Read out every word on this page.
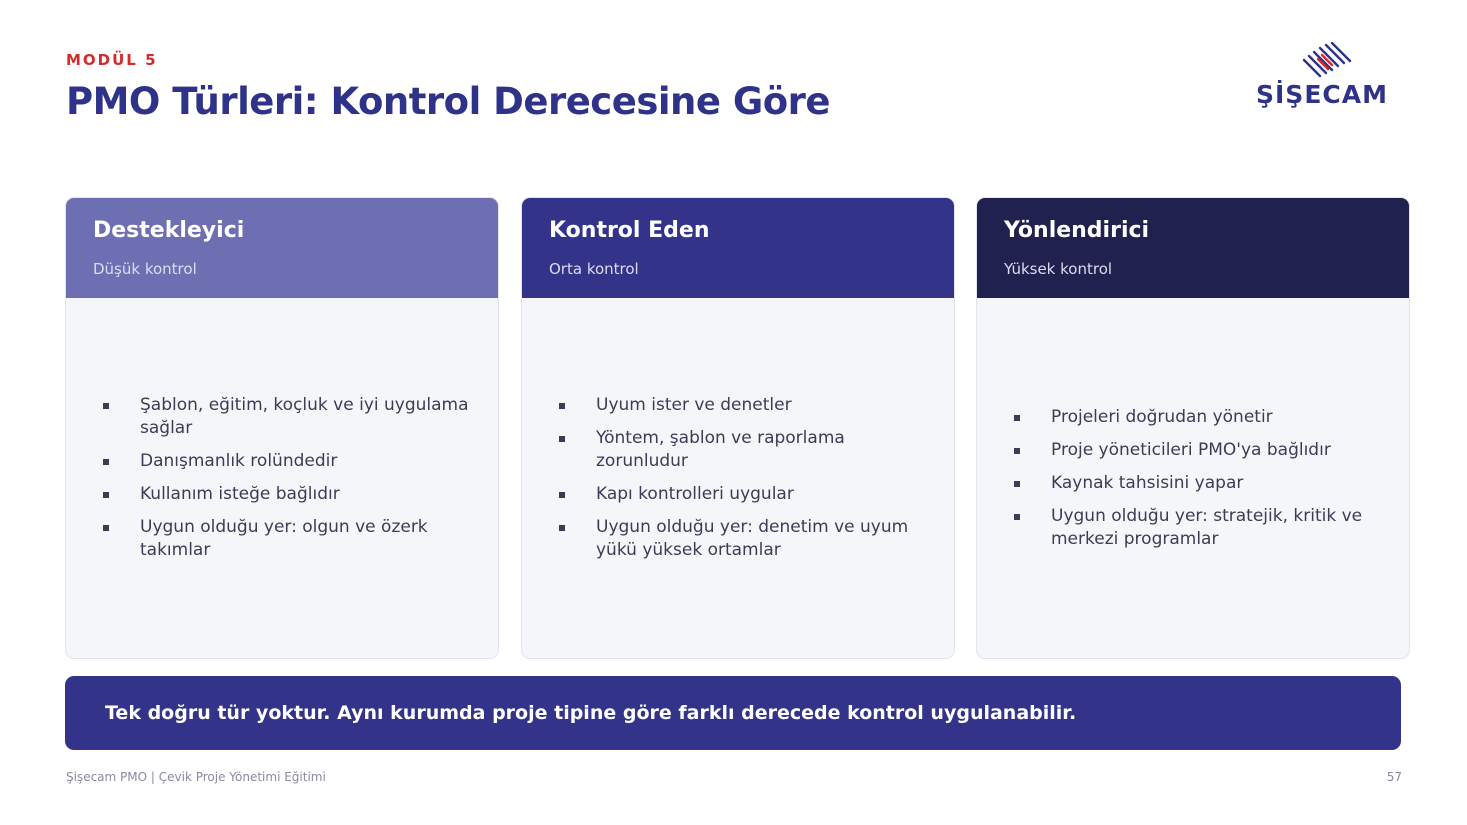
MODÜL 5
PMO Türleri: Kontrol Derecesine Göre	ŞİŞECAM
Destekleyici
Düşük kontrol
Şablon, eğitim, koçluk ve iyi uygulama sağlar
Danışmanlık rolündedir
Kullanım isteğe bağlıdır
Uygun olduğu yer: olgun ve özerk takımlar
Kontrol Eden
Orta kontrol
Uyum ister ve denetler
Yöntem, şablon ve raporlama zorunludur
Kapı kontrolleri uygular
Uygun olduğu yer: denetim ve uyum yükü yüksek ortamlar
Yönlendirici
Yüksek kontrol
Projeleri doğrudan yönetir
Proje yöneticileri PMO'ya bağlıdır
Kaynak tahsisini yapar
Uygun olduğu yer: stratejik, kritik ve merkezi programlar
Tek doğru tür yoktur. Aynı kurumda proje tipine göre farklı derecede kontrol uygulanabilir.
Şişecam PMO | Çevik Proje Yönetimi Eğitimi	57
